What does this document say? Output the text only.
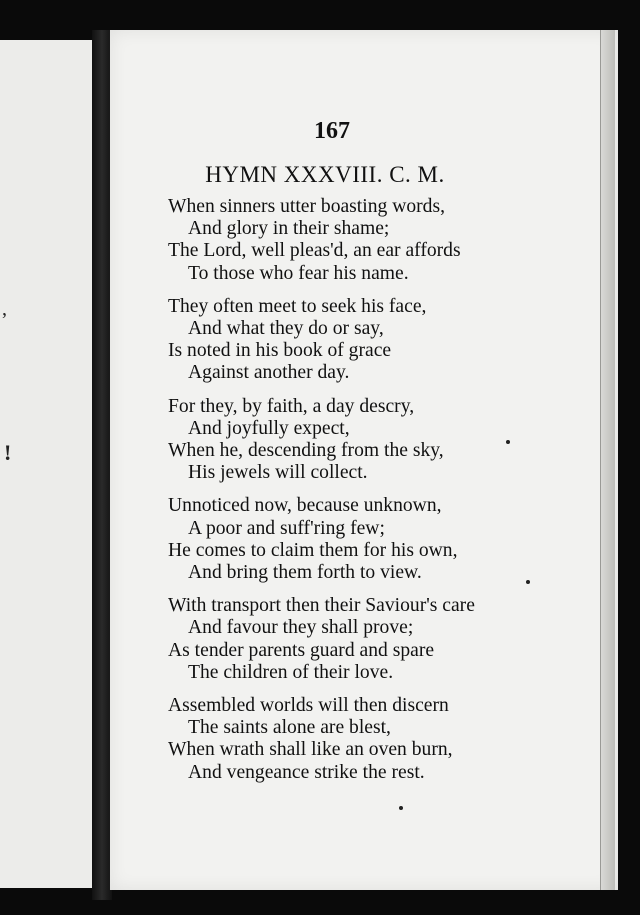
,
!
167
HYMN XXXVIII. C. M.
When sinners utter boasting words,
And glory in their shame;
The Lord, well pleas'd, an ear affords
To those who fear his name.
They often meet to seek his face,
And what they do or say,
Is noted in his book of grace
Against another day.
For they, by faith, a day descry,
And joyfully expect,
When he, descending from the sky,
His jewels will collect.
Unnoticed now, because unknown,
A poor and suff'ring few;
He comes to claim them for his own,
And bring them forth to view.
With transport then their Saviour's care
And favour they shall prove;
As tender parents guard and spare
The children of their love.
Assembled worlds will then discern
The saints alone are blest,
When wrath shall like an oven burn,
And vengeance strike the rest.
